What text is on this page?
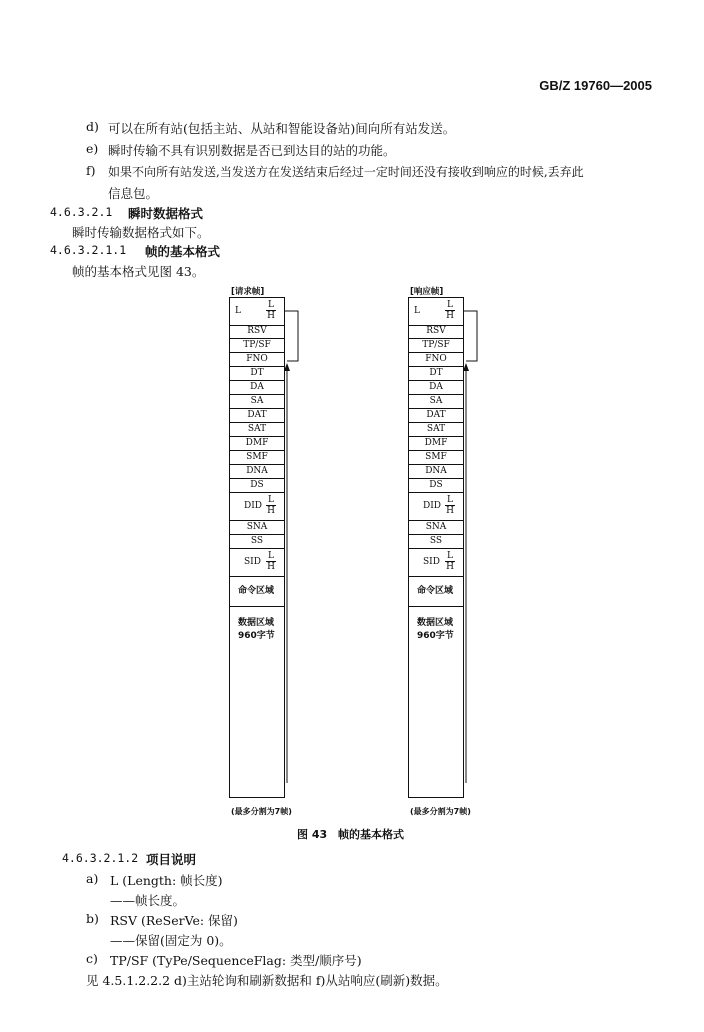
GB/Z 19760—2005
d) 可以在所有站(包括主站、从站和智能设备站)间向所有站发送。
e) 瞬时传输不具有识别数据是否已到达目的站的功能。
f) 如果不向所有站发送,当发送方在发送结束后经过一定时间还没有接收到响应的时候,丢弃此
信息包。
4.6.3.2.1 瞬时数据格式
瞬时传输数据格式如下。
4.6.3.2.1.1 帧的基本格式
帧的基本格式见图 43。
[请求帧]
L
L
H
RSV
TP/SF
FNO
DT
DA
SA
DAT
SAT
DMF
SMF
DNA
DS
L
H
DID
SNA
SS
L
H
SID
命令区域
数据区域
960字节
(最多分割为7帧)
[响应帧]
L
L
H
RSV
TP/SF
FNO
DT
DA
SA
DAT
SAT
DMF
SMF
DNA
DS
L
H
DID
SNA
SS
L
H
SID
命令区域
数据区域
960字节
(最多分割为7帧)
图 43 帧的基本格式
4.6.3.2.1.2 项目说明
a) L (Length: 帧长度)
——帧长度。
b) RSV (ReSerVe: 保留)
——保留(固定为 0)。
c) TP/SF (TyPe/SequenceFlag: 类型/顺序号)
见 4.5.1.2.2.2 d)主站轮询和刷新数据和 f)从站响应(刷新)数据。
